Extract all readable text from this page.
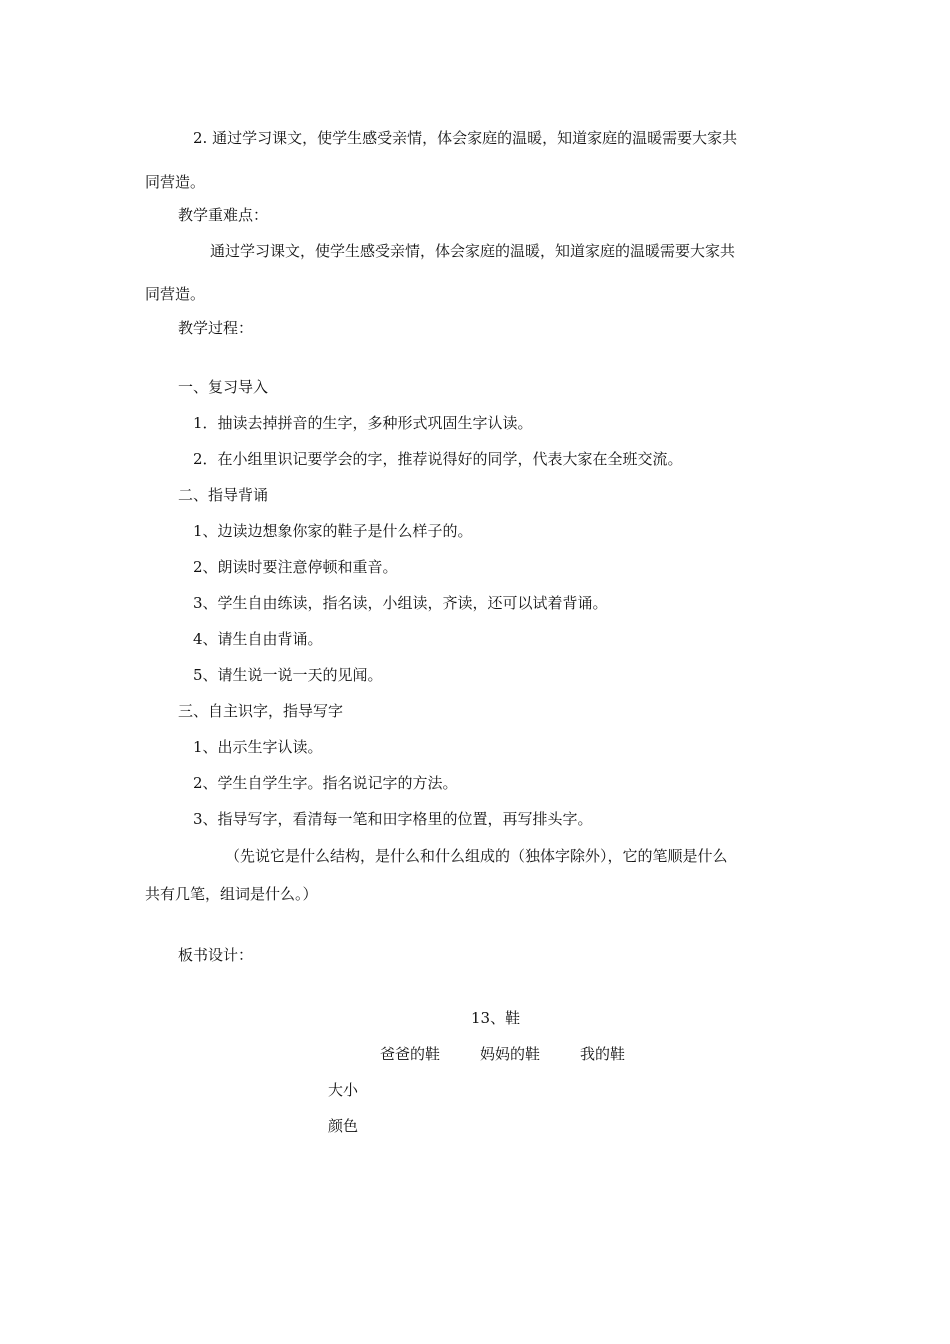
2. 通过学习课文，使学生感受亲情，体会家庭的温暖，知道家庭的温暖需要大家共
同营造。
教学重难点：
通过学习课文，使学生感受亲情，体会家庭的温暖，知道家庭的温暖需要大家共
同营造。
教学过程：
一、复习导入
1．抽读去掉拼音的生字，多种形式巩固生字认读。
2．在小组里识记要学会的字，推荐说得好的同学，代表大家在全班交流。
二、指导背诵
1、边读边想象你家的鞋子是什么样子的。
2、朗读时要注意停顿和重音。
3、学生自由练读，指名读，小组读，齐读，还可以试着背诵。
4、请生自由背诵。
5、请生说一说一天的见闻。
三、自主识字，指导写字
1、出示生字认读。
2、学生自学生字。指名说记字的方法。
3、指导写字，看清每一笔和田字格里的位置，再写排头字。
（先说它是什么结构，是什么和什么组成的（独体字除外），它的笔顺是什么
共有几笔，组词是什么。）
板书设计：
13、鞋
爸爸的鞋	妈妈的鞋	我的鞋
大小
颜色
